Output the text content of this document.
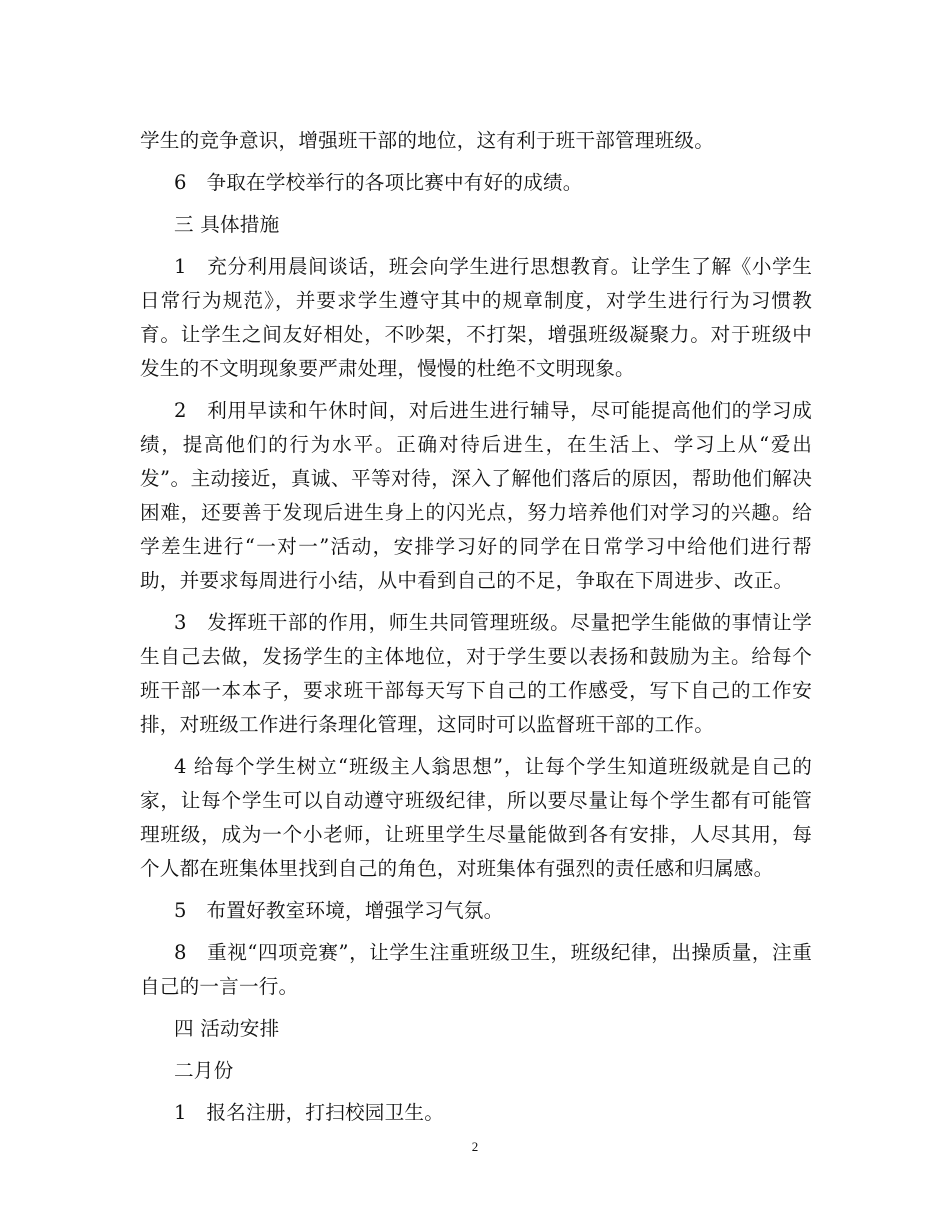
学生的竞争意识，增强班干部的地位，这有利于班干部管理班级。

6　争取在学校举行的各项比赛中有好的成绩。

三 具体措施

1　充分利用晨间谈话，班会向学生进行思想教育。让学生了解《小学生日常行为规范》，并要求学生遵守其中的规章制度，对学生进行行为习惯教育。让学生之间友好相处，不吵架，不打架，增强班级凝聚力。对于班级中发生的不文明现象要严肃处理，慢慢的杜绝不文明现象。

2　利用早读和午休时间，对后进生进行辅导，尽可能提高他们的学习成绩，提高他们的行为水平。正确对待后进生，在生活上、学习上从“爱出发”。主动接近，真诚、平等对待，深入了解他们落后的原因，帮助他们解决困难，还要善于发现后进生身上的闪光点，努力培养他们对学习的兴趣。给学差生进行“一对一”活动，安排学习好的同学在日常学习中给他们进行帮助，并要求每周进行小结，从中看到自己的不足，争取在下周进步、改正。

3　发挥班干部的作用，师生共同管理班级。尽量把学生能做的事情让学生自己去做，发扬学生的主体地位，对于学生要以表扬和鼓励为主。给每个班干部一本本子，要求班干部每天写下自己的工作感受，写下自己的工作安排，对班级工作进行条理化管理，这同时可以监督班干部的工作。

4 给每个学生树立“班级主人翁思想”，让每个学生知道班级就是自己的家，让每个学生可以自动遵守班级纪律，所以要尽量让每个学生都有可能管理班级，成为一个小老师，让班里学生尽量能做到各有安排，人尽其用，每个人都在班集体里找到自己的角色，对班集体有强烈的责任感和归属感。

5　布置好教室环境，增强学习气氛。

8　重视“四项竞赛”，让学生注重班级卫生，班级纪律，出操质量，注重自己的一言一行。

四 活动安排

二月份

1　报名注册，打扫校园卫生。

2
